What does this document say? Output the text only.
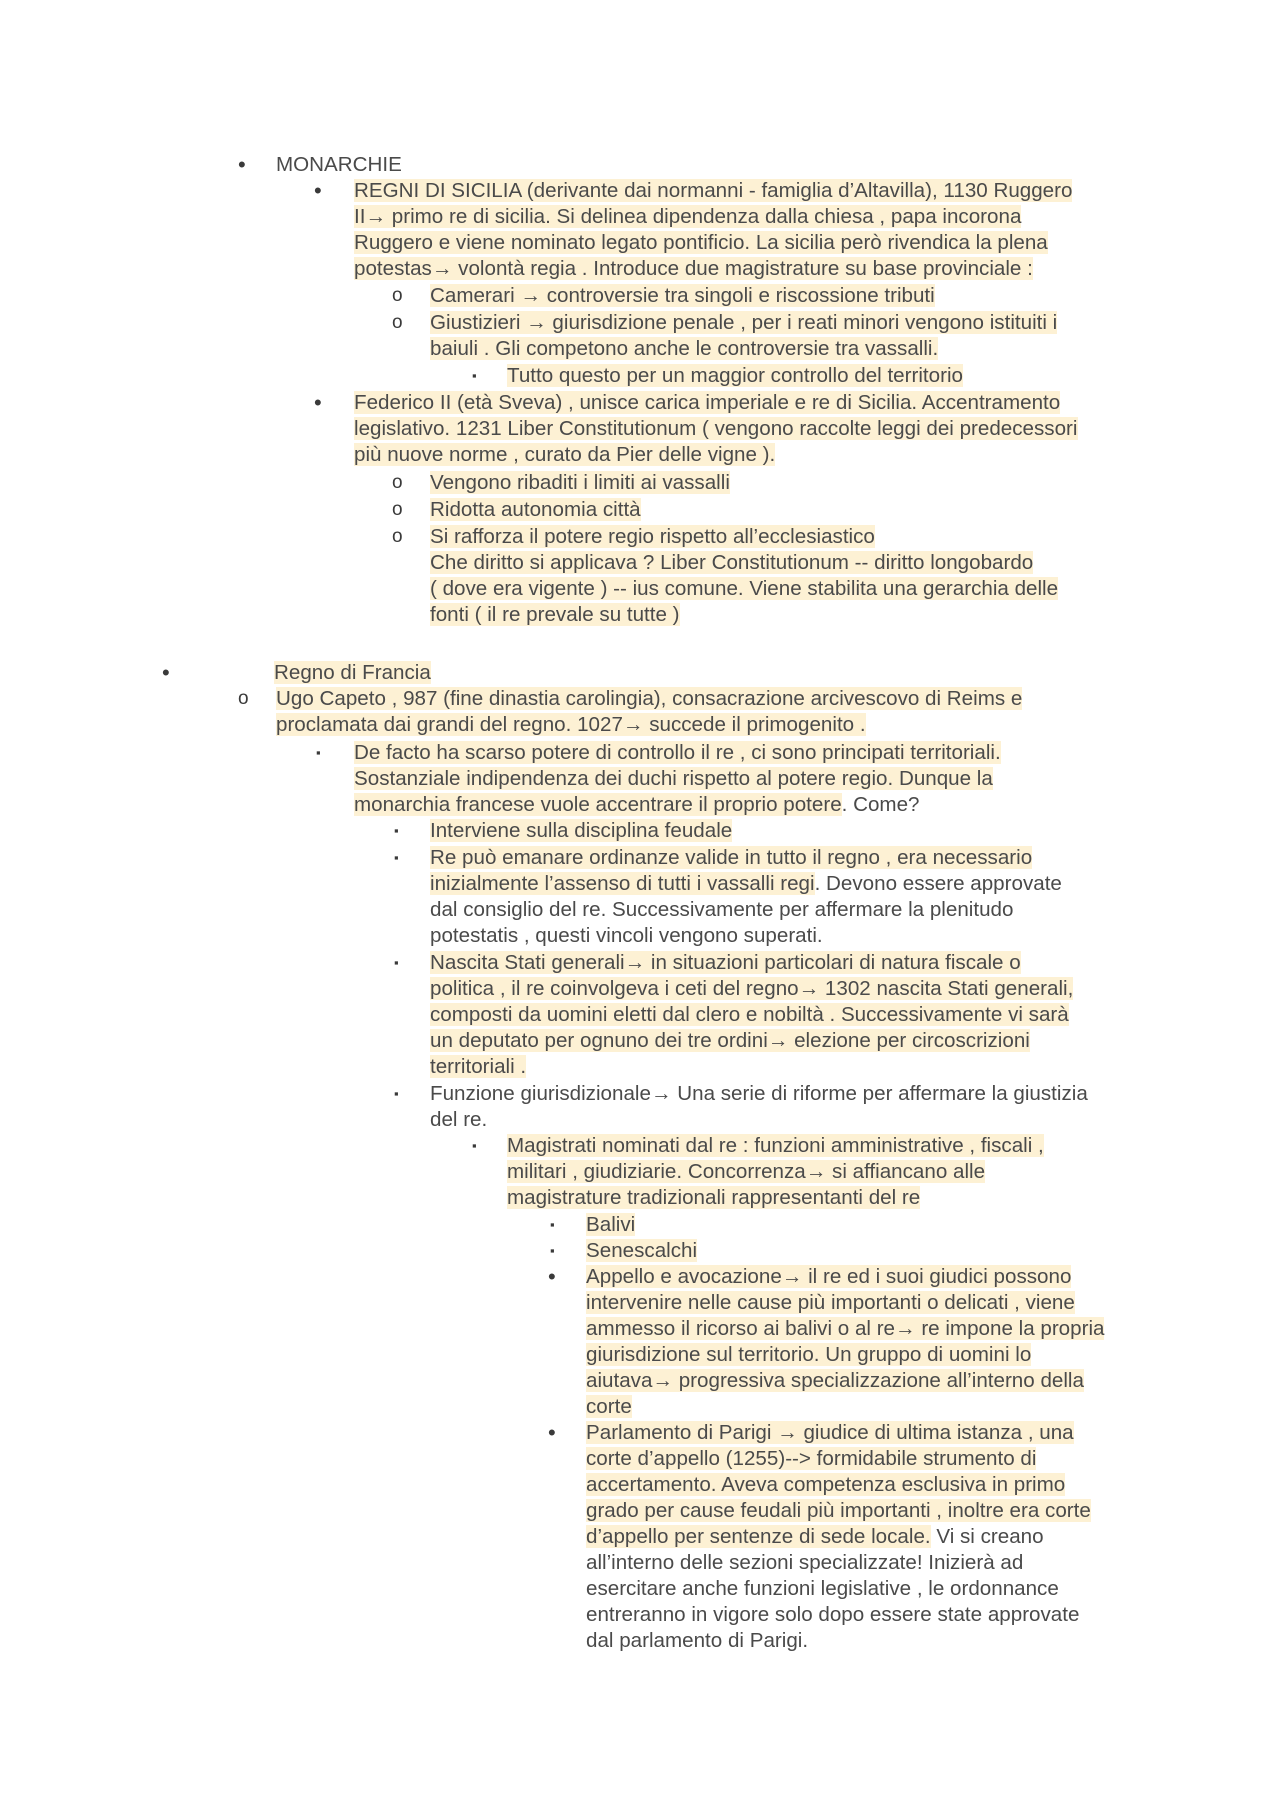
• MONARCHIE
• REGNI DI SICILIA (derivante dai normanni - famiglia d’Altavilla), 1130 Ruggero
II→ primo re di sicilia. Si delinea dipendenza dalla chiesa , papa incorona
Ruggero e viene nominato legato pontificio. La sicilia però rivendica la plena
potestas→ volontà regia . Introduce due magistrature su base provinciale :
o Camerari → controversie tra singoli e riscossione tributi
o Giustizieri → giurisdizione penale , per i reati minori vengono istituiti i
baiuli . Gli competono anche le controversie tra vassalli.
▪ Tutto questo per un maggior controllo del territorio
• Federico II (età Sveva) , unisce carica imperiale e re di Sicilia. Accentramento
legislativo. 1231 Liber Constitutionum ( vengono raccolte leggi dei predecessori
più nuove norme , curato da Pier delle vigne ).
o Vengono ribaditi i limiti ai vassalli
o Ridotta autonomia città
o Si rafforza il potere regio rispetto all’ecclesiastico
Che diritto si applicava ? Liber Constitutionum -- diritto longobardo
( dove era vigente ) -- ius comune. Viene stabilita una gerarchia delle
fonti ( il re prevale su tutte )
•	Regno di Francia
o Ugo Capeto , 987 (fine dinastia carolingia), consacrazione arcivescovo di Reims e
proclamata dai grandi del regno. 1027→ succede il primogenito .
▪ De facto ha scarso potere di controllo il re , ci sono principati territoriali.
Sostanziale indipendenza dei duchi rispetto al potere regio. Dunque la
monarchia francese vuole accentrare il proprio potere. Come?
▪ Interviene sulla disciplina feudale
▪ Re può emanare ordinanze valide in tutto il regno , era necessario
inizialmente l’assenso di tutti i vassalli regi. Devono essere approvate
dal consiglio del re. Successivamente per affermare la plenitudo
potestatis , questi vincoli vengono superati.
▪ Nascita Stati generali→ in situazioni particolari di natura fiscale o
politica , il re coinvolgeva i ceti del regno→ 1302 nascita Stati generali,
composti da uomini eletti dal clero e nobiltà . Successivamente vi sarà
un deputato per ognuno dei tre ordini→ elezione per circoscrizioni
territoriali .
▪ Funzione giurisdizionale→ Una serie di riforme per affermare la giustizia
del re.
▪ Magistrati nominati dal re : funzioni amministrative , fiscali ,
militari , giudiziarie. Concorrenza→ si affiancano alle
magistrature tradizionali rappresentanti del re
▪ Balivi
▪ Senescalchi
• Appello e avocazione→ il re ed i suoi giudici possono
intervenire nelle cause più importanti o delicati , viene
ammesso il ricorso ai balivi o al re→ re impone la propria
giurisdizione sul territorio. Un gruppo di uomini lo
aiutava→ progressiva specializzazione all’interno della
corte
• Parlamento di Parigi → giudice di ultima istanza , una
corte d’appello (1255)--> formidabile strumento di
accertamento. Aveva competenza esclusiva in primo
grado per cause feudali più importanti , inoltre era corte
d’appello per sentenze di sede locale. Vi si creano
all’interno delle sezioni specializzate! Inizierà ad
esercitare anche funzioni legislative , le ordonnance
entreranno in vigore solo dopo essere state approvate
dal parlamento di Parigi.
